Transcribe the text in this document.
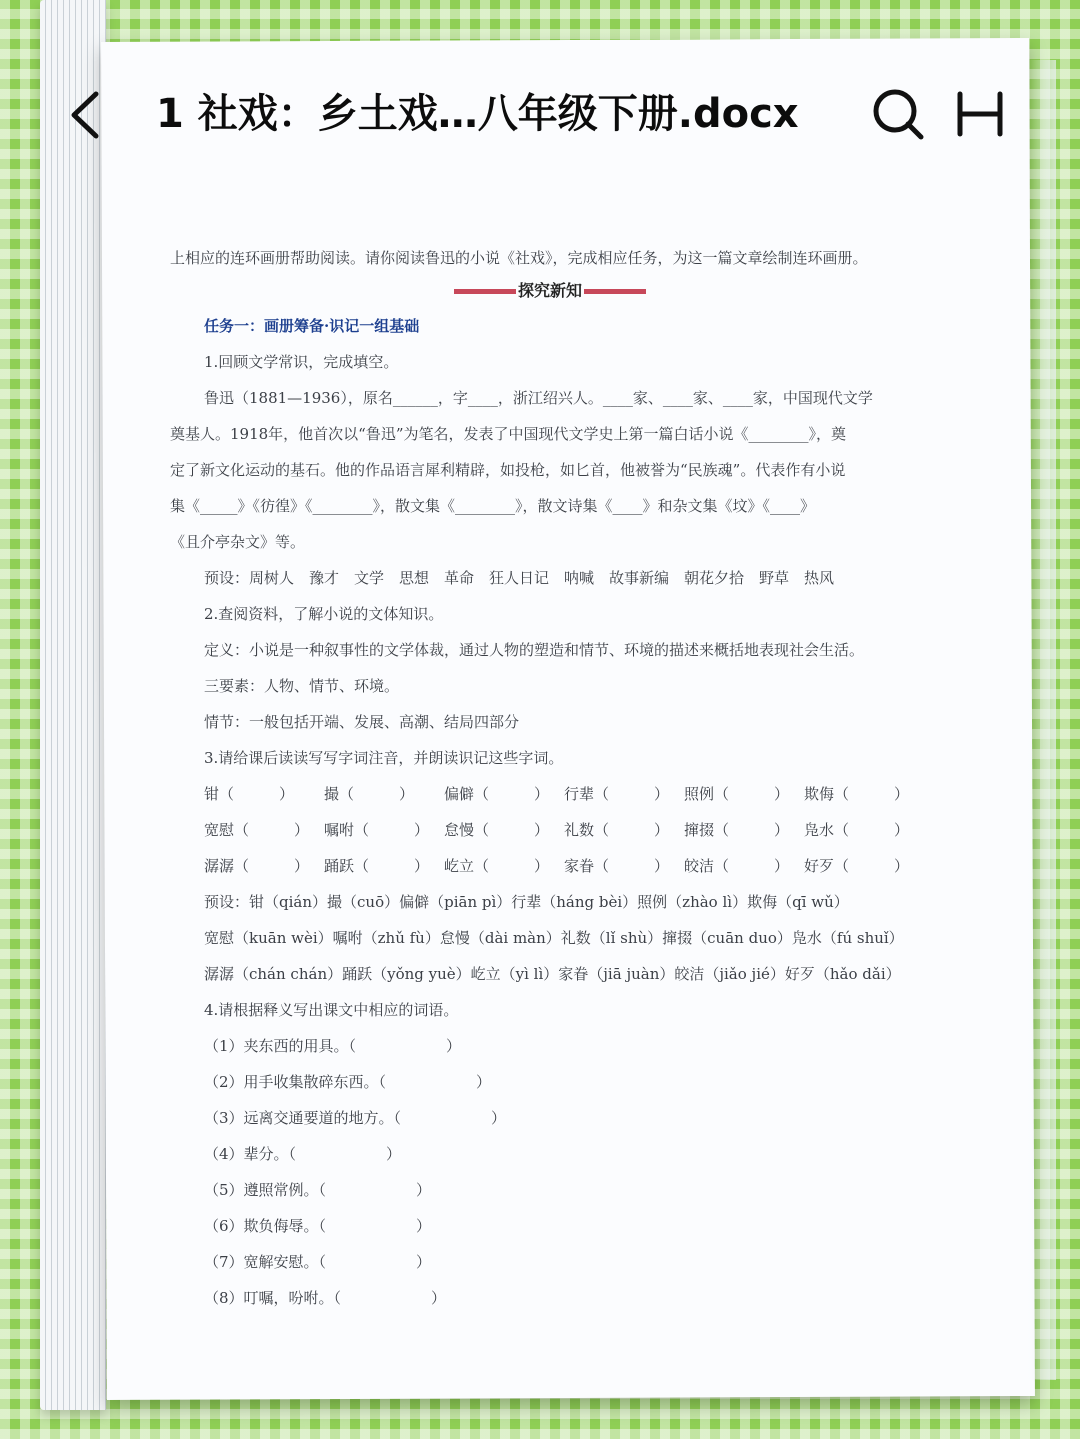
1 社戏：乡土戏…八年级下册.docx
上相应的连环画册帮助阅读。请你阅读鲁迅的小说《社戏》，完成相应任务，为这一篇文章绘制连环画册。
探究新知
任务一：画册筹备·识记一组基础
1.回顾文学常识，完成填空。
鲁迅（1881—1936），原名______，字____，浙江绍兴人。____家、____家、____家，中国现代文学
奠基人。1918年，他首次以“鲁迅”为笔名，发表了中国现代文学史上第一篇白话小说《________》，奠
定了新文化运动的基石。他的作品语言犀利精辟，如投枪，如匕首，他被誉为“民族魂”。代表作有小说
集《_____》《彷徨》《________》，散文集《________》，散文诗集《____》和杂文集《坟》《____》
《且介亭杂文》等。
预设：周树人　豫才　文学　思想　革命　狂人日记　呐喊　故事新编　朝花夕拾　野草　热风
2.查阅资料，了解小说的文体知识。
定义：小说是一种叙事性的文学体裁，通过人物的塑造和情节、环境的描述来概括地表现社会生活。
三要素：人物、情节、环境。
情节：一般包括开端、发展、高潮、结局四部分
3.请给课后读读写写字词注音，并朗读识记这些字词。
钳（　　　）	撮（　　　）	偏僻（　　　） 行辈（　　　） 照例（　　　） 欺侮（　　　）
宽慰（　　　） 嘱咐（　　　） 怠慢（　　　） 礼数（　　　） 撺掇（　　　） 凫水（　　　）
潺潺（　　　） 踊跃（　　　） 屹立（　　　） 家眷（　　　） 皎洁（　　　） 好歹（　　　）
预设：钳（qián）撮（cuō）偏僻（piān pì）行辈（háng bèi）照例（zhào lì）欺侮（qī wǔ）
宽慰（kuān wèi）嘱咐（zhǔ fù）怠慢（dài màn）礼数（lǐ shù）撺掇（cuān duo）凫水（fú shuǐ）
潺潺（chán chán）踊跃（yǒng yuè）屹立（yì lì）家眷（jiā juàn）皎洁（jiǎo jié）好歹（hǎo dǎi）
4.请根据释义写出课文中相应的词语。
（1）夹东西的用具。（　　　　　　）
（2）用手收集散碎东西。（　　　　　　）
（3）远离交通要道的地方。（　　　　　　）
（4）辈分。（　　　　　　）
（5）遵照常例。（　　　　　　）
（6）欺负侮辱。（　　　　　　）
（7）宽解安慰。（　　　　　　）
（8）叮嘱，吩咐。（　　　　　　）
